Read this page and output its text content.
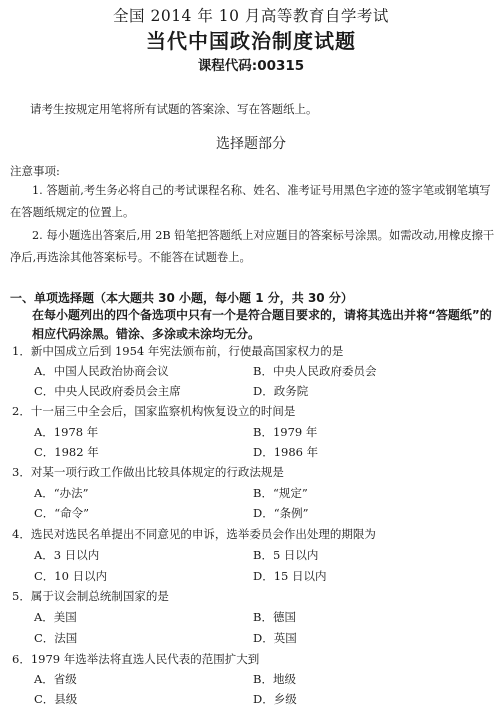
全国 2014 年 10 月高等教育自学考试
当代中国政治制度试题
课程代码:00315
请考生按规定用笔将所有试题的答案涂、写在答题纸上。
选择题部分
注意事项:
1. 答题前,考生务必将自己的考试课程名称、姓名、准考证号用黑色字迹的签字笔或钢笔填写在答题纸规定的位置上。
2. 每小题选出答案后,用 2B 铅笔把答题纸上对应题目的答案标号涂黑。如需改动,用橡皮擦干净后,再选涂其他答案标号。不能答在试题卷上。
一、单项选择题（本大题共 30 小题，每小题 1 分，共 30 分）
在每小题列出的四个备选项中只有一个是符合题目要求的，请将其选出并将“答题纸”的相应代码涂黑。错涂、多涂或未涂均无分。
1．新中国成立后到 1954 年宪法颁布前，行使最高国家权力的是
A．中国人民政治协商会议	B．中央人民政府委员会
C．中央人民政府委员会主席	D．政务院
2．十一届三中全会后，国家监察机构恢复设立的时间是
A．1978 年	B．1979 年
C．1982 年	D．1986 年
3．对某一项行政工作做出比较具体规定的行政法规是
A．“办法”	B．“规定”
C．“命令”	D．“条例”
4．选民对选民名单提出不同意见的申诉，选举委员会作出处理的期限为
A．3 日以内	B．5 日以内
C．10 日以内	D．15 日以内
5．属于议会制总统制国家的是
A．美国	B．德国
C．法国	D．英国
6．1979 年选举法将直选人民代表的范围扩大到
A．省级	B．地级
C．县级	D．乡级
